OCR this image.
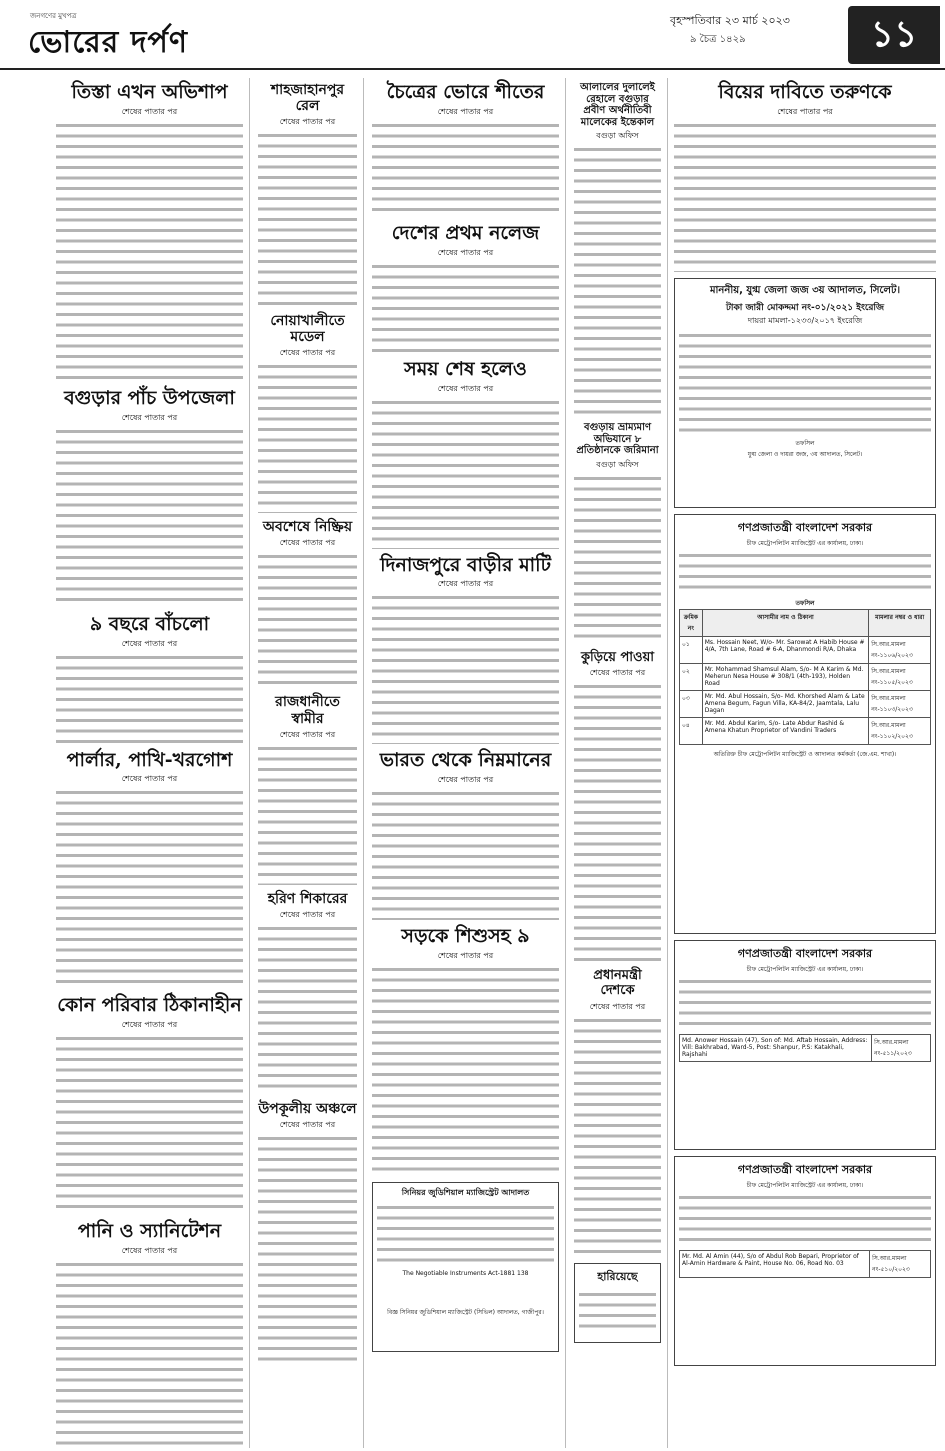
জনগণের মুখপত্র
ভোরের দর্পণ
বৃহস্পতিবার ২৩ মার্চ ২০২৩
৯ চৈত্র ১৪২৯	১১
তিস্তা এখন অভিশাপ
শেষের পাতার পর
বগুড়ার পাঁচ উপজেলা
শেষের পাতার পর
৯ বছরে বাঁচলো
শেষের পাতার পর
পার্লার, পাখি-খরগোশ
শেষের পাতার পর
কোন পরিবার ঠিকানাহীন
শেষের পাতার পর
পানি ও স্যানিটেশন
শেষের পাতার পর
শাহজাহানপুর রেল
শেষের পাতার পর
নোয়াখালীতে মডেল
শেষের পাতার পর
অবশেষে নিষ্ক্রিয়
শেষের পাতার পর
রাজধানীতে স্বামীর
শেষের পাতার পর
হরিণ শিকারের
শেষের পাতার পর
উপকূলীয় অঞ্চলে
শেষের পাতার পর
চৈত্রের ভোরে শীতের
শেষের পাতার পর
দেশের প্রথম নলেজ
শেষের পাতার পর
সময় শেষ হলেও
শেষের পাতার পর
দিনাজপুরে বাড়ীর মাটি
শেষের পাতার পর
ভারত থেকে নিম্নমানের
শেষের পাতার পর
সড়কে শিশুসহ ৯
শেষের পাতার পর
সিনিয়র জুডিশিয়াল ম্যাজিস্ট্রেট আদালত
The Negotiable Instruments Act-1881 138
বিজ্ঞ সিনিয়র জুডিশিয়াল ম্যাজিস্ট্রেট (সিভিল) আদালত, গাজীপুর।
আলালের দুলালেই রেহালে বগুড়ার প্রবীণ অর্থনীতিবী মালেকের ইন্তেকাল
বগুড়া অফিস
বগুড়ায় ভ্রাম্যমাণ অভিযানে ৮ প্রতিষ্ঠানকে জরিমানা
বগুড়া অফিস
কুড়িয়ে পাওয়া
শেষের পাতার পর
প্রধানমন্ত্রী দেশকে
শেষের পাতার পর
হারিয়েছে
বিয়ের দাবিতে তরুণকে
শেষের পাতার পর
মাননীয়, যুগ্ম জেলা জজ ৩য় আদালত, সিলেট।
টাকা জারী মোকদ্দমা নং-০১/২০২১ ইংরেজি
দায়রা মামলা-১২৩৩/২০১৭ ইংরেজি
তফসিল
যুগ্ম জেলা ও দায়রা জজ, ৩য় আদালত, সিলেট।
গণপ্রজাতন্ত্রী বাংলাদেশ সরকার
চীফ মেট্রোপলিটন ম্যাজিস্ট্রেট এর কার্যালয়, ঢাকা।
তফসিল
ক্রমিক নং	আসামীর নাম ও ঠিকানা	মামলার নম্বর ও ধারা
০১	Ms. Hossain Neet, W/o- Mr. Sarowat A Habib House # 4/A, 7th Lane, Road # 6-A, Dhanmondi R/A, Dhaka	সি.আর.মামলা নং-১১০৬/২০২৩
০২	Mr. Mohammad Shamsul Alam, S/o- M A Karim & Md. Meherun Nesa House # 308/1 (4th-193), Holden Road	সি.আর.মামলা নং-১১০৫/২০২৩
০৩	Mr. Md. Abul Hossain, S/o- Md. Khorshed Alam & Late Amena Begum, Fagun Villa, KA-84/2, Jaamtala, Lalu Dagan	সি.আর.মামলা নং-১১০৩/২০২৩
০৪	Mr. Md. Abdul Karim, S/o- Late Abdur Rashid & Amena Khatun Proprietor of Vandini Traders	সি.আর.মামলা নং-১১০২/২০২৩
অতিরিক্ত চীফ মেট্রোপলিটন ম্যাজিস্ট্রেট ও আদালত কর্মকর্তা (জে.এম. শাখা)।
গণপ্রজাতন্ত্রী বাংলাদেশ সরকার
চীফ মেট্রোপলিটন ম্যাজিস্ট্রেট এর কার্যালয়, ঢাকা।
Md. Anower Hossain (47), Son of: Md. Aftab Hossain, Address: Vill: Bakhrabad, Ward-5, Post: Shanpur, P.S: Katakhali, Rajshahi	সি.আর.মামলা নং-৫১১/২০২৩
গণপ্রজাতন্ত্রী বাংলাদেশ সরকার
চীফ মেট্রোপলিটন ম্যাজিস্ট্রেট এর কার্যালয়, ঢাকা।
Mr. Md. Al Amin (44), S/o of Abdul Rob Bepari, Proprietor of Al-Amin Hardware & Paint, House No. 06, Road No. 03	সি.আর.মামলা নং-৫১০/২০২৩
